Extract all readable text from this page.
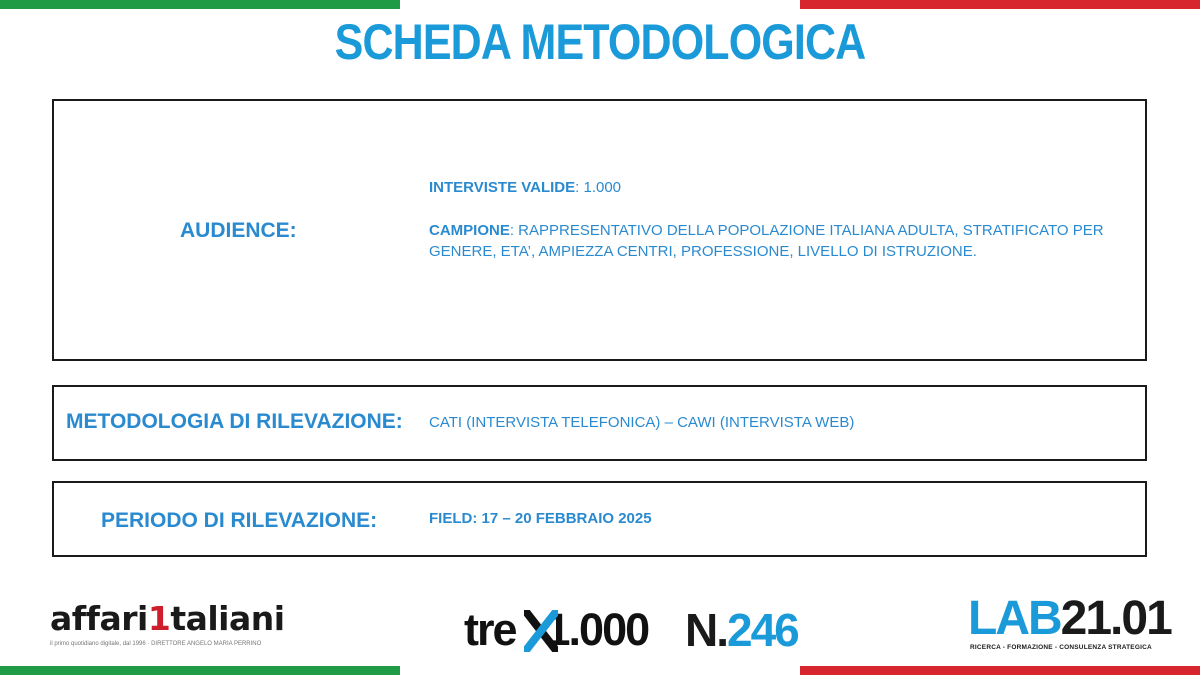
SCHEDA METODOLOGICA
AUDIENCE:
INTERVISTE VALIDE: 1.000
CAMPIONE: RAPPRESENTATIVO DELLA POPOLAZIONE ITALIANA ADULTA, STRATIFICATO PER GENERE, ETA’, AMPIEZZA CENTRI, PROFESSIONE, LIVELLO DI ISTRUZIONE.
METODOLOGIA DI RILEVAZIONE: CATI (INTERVISTA TELEFONICA) – CAWI (INTERVISTA WEB)
PERIODO DI RILEVAZIONE:	FIELD: 17 – 20 FEBBRAIO 2025
affari1taliani
il primo quotidiano digitale, dal 1996 · DIRETTORE ANGELO MARIA PERRINO	tre 1.000 N.246	LAB21.01
RICERCA - FORMAZIONE - CONSULENZA STRATEGICA
